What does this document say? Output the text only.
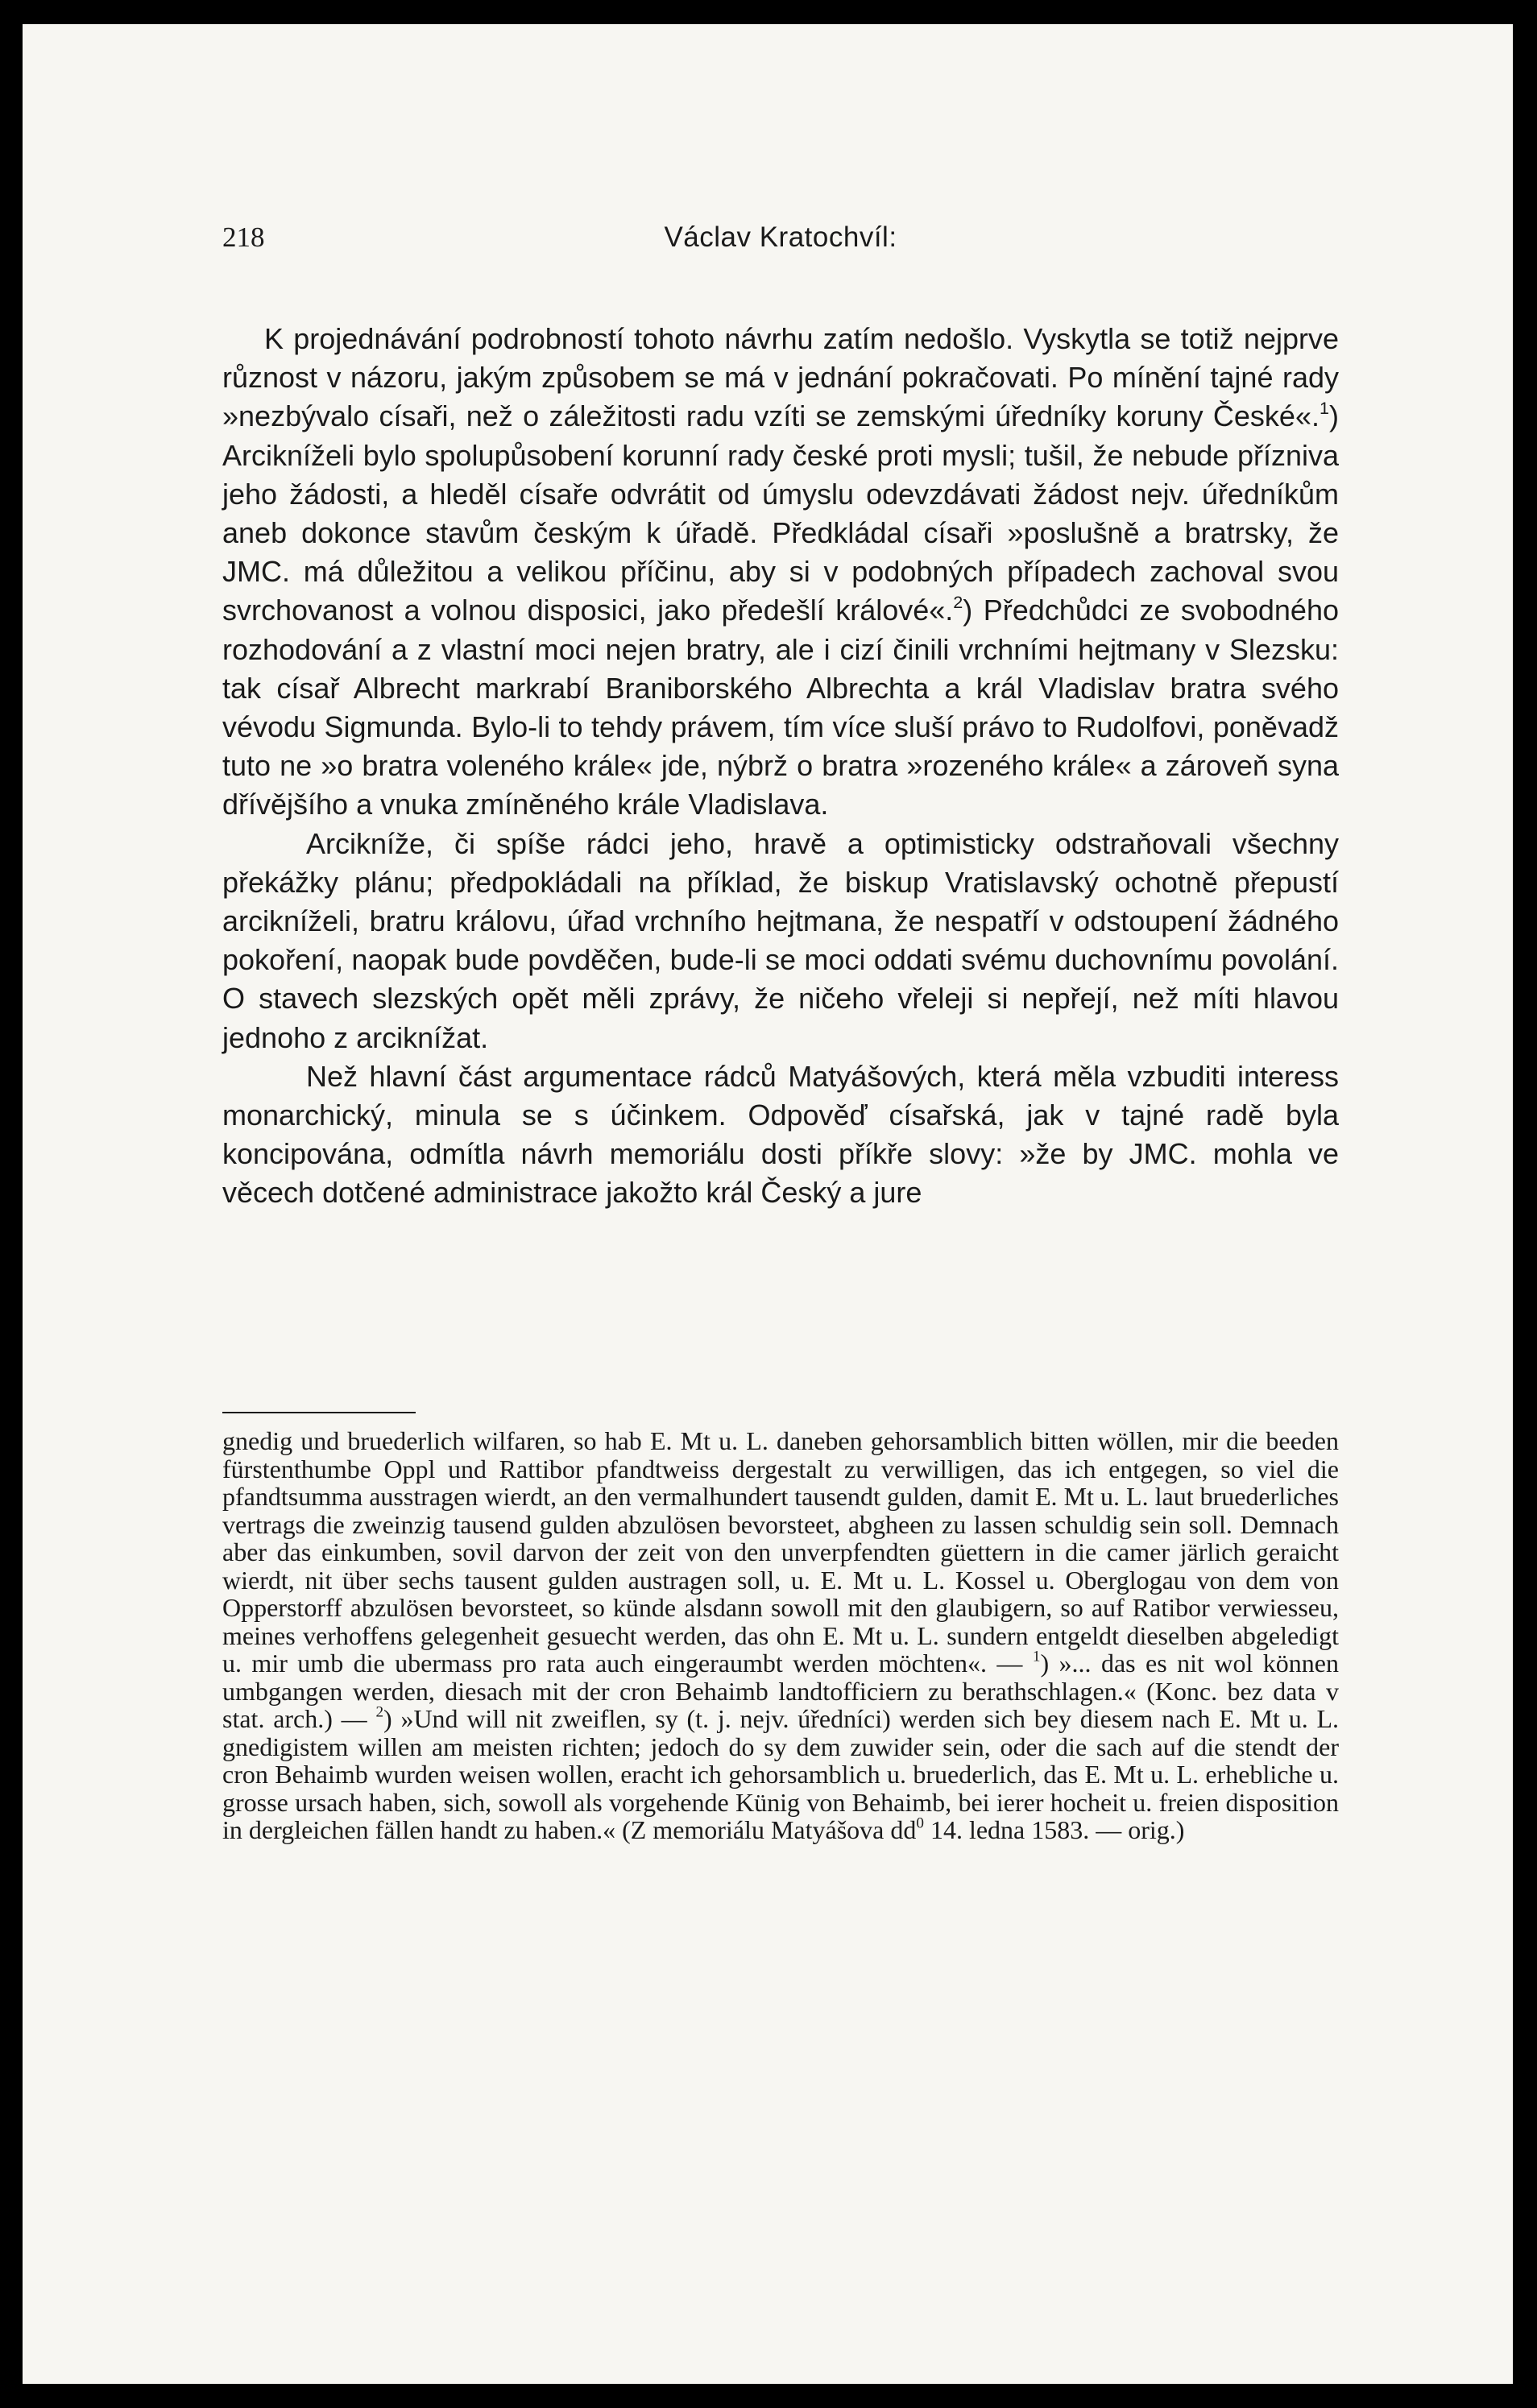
218	Václav Kratochvíl:

K projednávání podrobností tohoto návrhu zatím nedošlo. Vyskytla se totiž nejprve různost v názoru, jakým způsobem se má v jednání pokračovati. Po mínění tajné rady »nezbývalo císaři, než o záležitosti radu vzíti se zemskými úředníky koruny České«.$^1$) Arcikníželi bylo spolupůsobení korunní rady české proti mysli; tušil, že nebude přízniva jeho žádosti, a hleděl císaře odvrátit od úmyslu odevzdávati žádost nejv. úředníkům aneb dokonce stavům českým k úřadě. Předkládal císaři »poslušně a bratrsky, že JMC. má důležitou a velikou příčinu, aby si v podobných případech zachoval svou svrchovanost a volnou disposici, jako předešlí králové«.$^2$) Předchůdci ze svobodného rozhodování a z vlastní moci nejen bratry, ale i cizí činili vrchními hejtmany v Slezsku: tak císař Albrecht markrabí Braniborského Albrechta a král Vladislav bratra svého vévodu Sigmunda. Bylo-li to tehdy právem, tím více sluší právo to Rudolfovi, poněvadž tuto ne »o bratra voleného krále« jde, nýbrž o bratra »rozeného krále« a zároveň syna dřívějšího a vnuka zmíněného krále Vladislava.

Arcikníže, či spíše rádci jeho, hravě a optimisticky odstraňovali všechny překážky plánu; předpokládali na příklad, že biskup Vratislavský ochotně přepustí arcikníželi, bratru královu, úřad vrchního hejtmana, že nespatří v odstoupení žádného pokoření, naopak bude povděčen, bude-li se moci oddati svému duchovnímu povolání. O stavech slezských opět měli zprávy, že ničeho vřeleji si nepřejí, než míti hlavou jednoho z arciknížat.

Než hlavní část argumentace rádců Matyášových, která měla vzbuditi interess monarchický, minula se s účinkem. Odpověď císařská, jak v tajné radě byla koncipována, odmítla návrh memoriálu dosti příkře slovy: »že by JMC. mohla ve věcech dotčené administrace jakožto král Český a jure

gnedig und bruederlich wilfaren, so hab E. Mt u. L. daneben gehorsamblich bitten wöllen, mir die beeden fürstenthumbe Oppl und Rattibor pfandtweiss dergestalt zu verwilligen, das ich entgegen, so viel die pfandtsumma ausstragen wierdt, an den vermalhundert tausendt gulden, damit E. Mt u. L. laut bruederliches vertrags die zweinzig tausend gulden abzulösen bevorsteet, abgheen zu lassen schuldig sein soll. Demnach aber das einkumben, sovil darvon der zeit von den unverpfendten güettern in die camer järlich geraicht wierdt, nit über sechs tausent gulden austragen soll, u. E. Mt u. L. Kossel u. Oberglogau von dem von Opperstorff abzulösen bevorsteet, so künde alsdann sowoll mit den glaubigern, so auf Ratibor verwiesseu, meines verhoffens gelegenheit gesuecht werden, das ohn E. Mt u. L. sundern entgeldt dieselben abgeledigt u. mir umb die ubermass pro rata auch eingeraumbt werden möchten«. — $^1$) »... das es nit wol können umbgangen werden, diesach mit der cron Behaimb landtofficiern zu berathschlagen.« (Konc. bez data v stat. arch.) — $^2$) »Und will nit zweiflen, sy (t. j. nejv. úředníci) werden sich bey diesem nach E. Mt u. L. gnedigistem willen am meisten richten; jedoch do sy dem zuwider sein, oder die sach auf die stendt der cron Behaimb wurden weisen wollen, eracht ich gehorsamblich u. bruederlich, das E. Mt u. L. erhebliche u. grosse ursach haben, sich, sowoll als vorgehende Künig von Behaimb, bei ierer hocheit u. freien disposition in dergleichen fällen handt zu haben.« (Z memoriálu Matyášova $dd^0$ 14. ledna 1583. — orig.)
